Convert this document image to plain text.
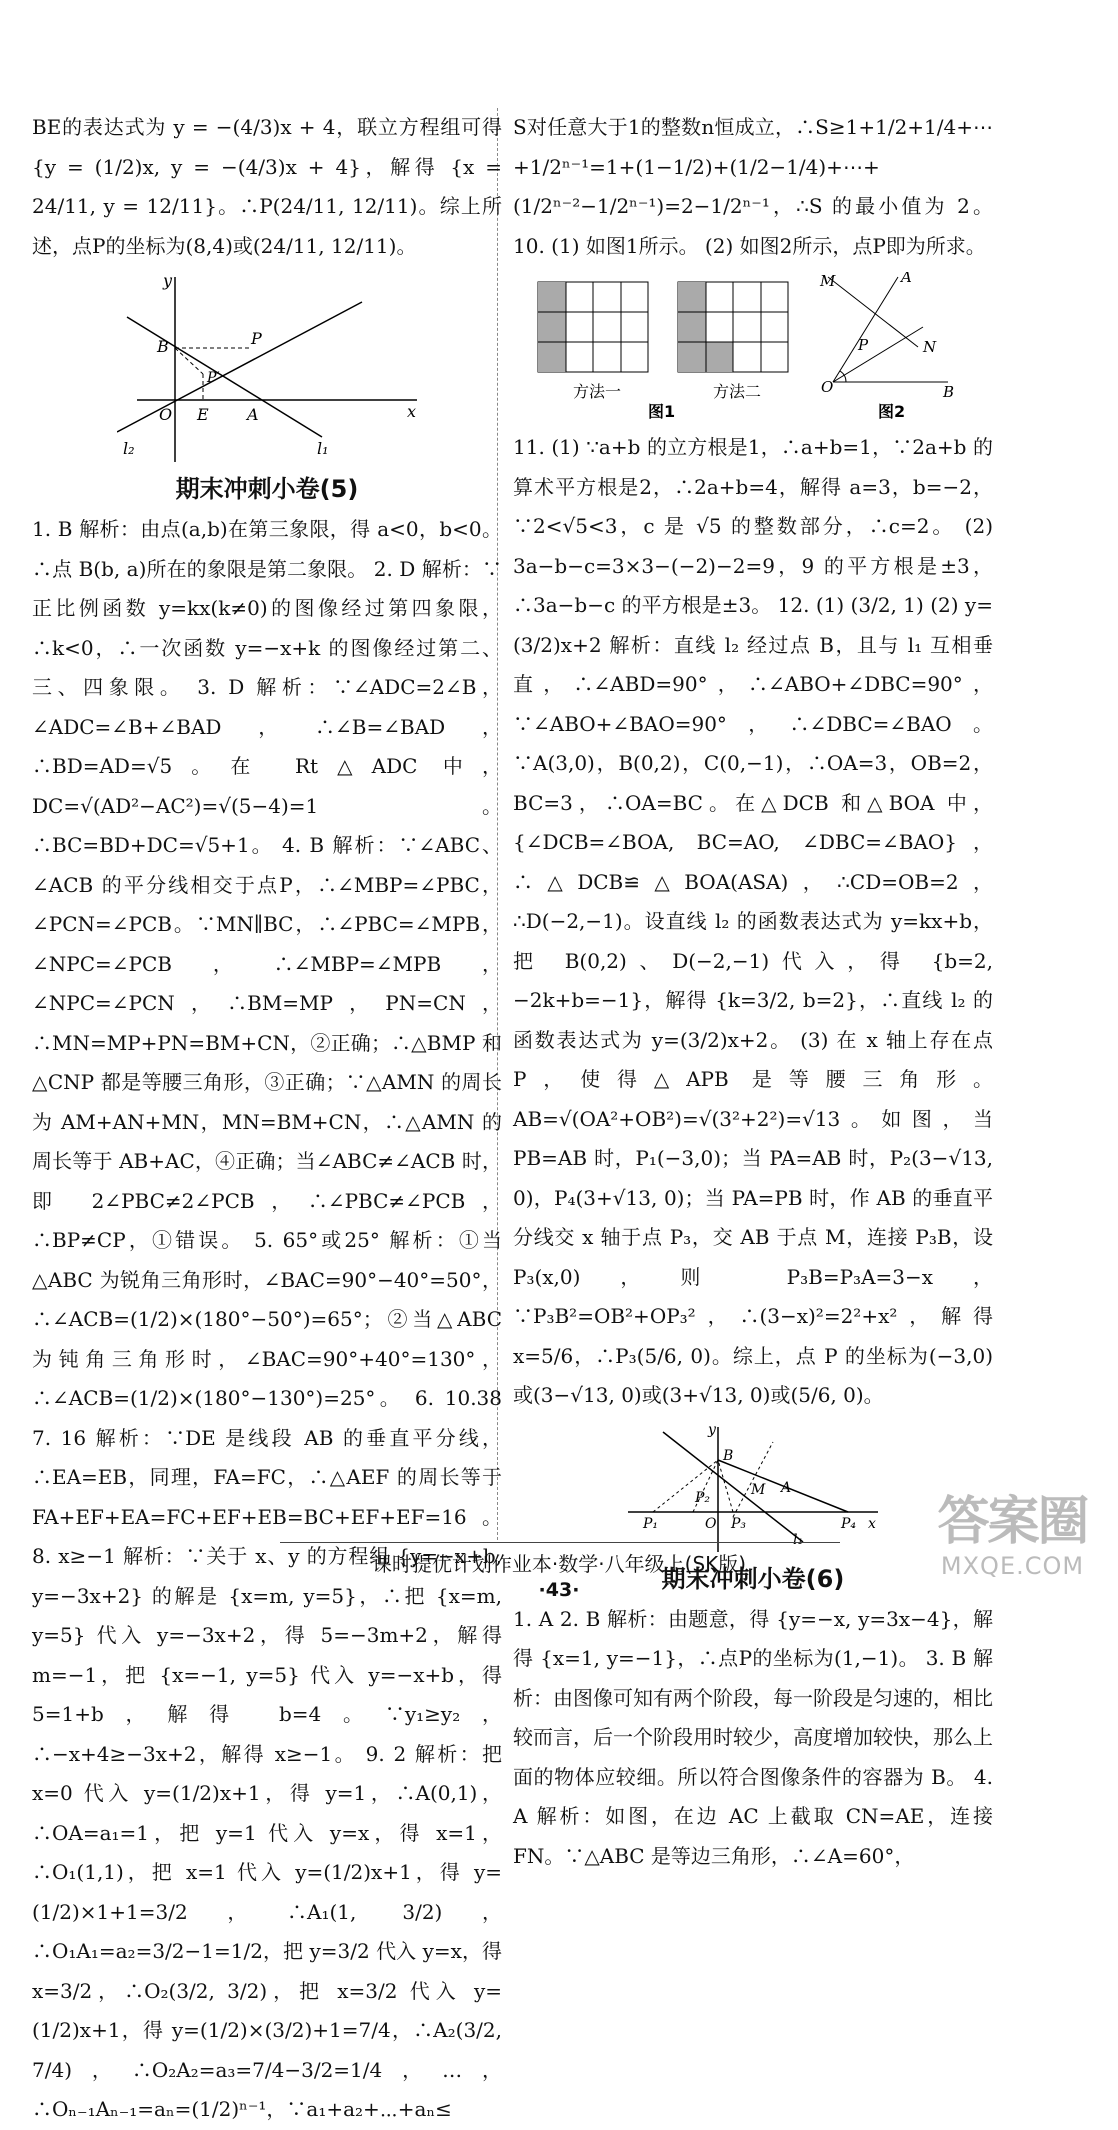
BE的表达式为 y = −(4/3)x + 4，联立方程组可得 {y = (1/2)x, y = −(4/3)x + 4}，解得 {x = 24/11, y = 12/11}。∴P(24/11, 12/11)。综上所述，点P的坐标为(8,4)或(24/11, 12/11)。

y
x
B	P
P′
O E A
l₁
l₂
期末冲刺小卷(5)

1. B 解析：由点(a,b)在第三象限，得 a<0，b<0。∴点 B(b, a)所在的象限是第二象限。 2. D 解析：∵正比例函数 y=kx(k≠0)的图像经过第四象限，∴k<0，∴一次函数 y=−x+k 的图像经过第二、三、四象限。 3. D 解析：∵∠ADC=2∠B，∠ADC=∠B+∠BAD，∴∠B=∠BAD，∴BD=AD=√5。在 Rt△ADC 中，DC=√(AD²−AC²)=√(5−4)=1。∴BC=BD+DC=√5+1。 4. B 解析：∵∠ABC、∠ACB 的平分线相交于点P，∴∠MBP=∠PBC，∠PCN=∠PCB。∵MN∥BC，∴∠PBC=∠MPB，∠NPC=∠PCB，∴∠MBP=∠MPB，∠NPC=∠PCN，∴BM=MP，PN=CN，∴MN=MP+PN=BM+CN，②正确；∴△BMP 和△CNP 都是等腰三角形，③正确；∵△AMN 的周长为 AM+AN+MN，MN=BM+CN，∴△AMN 的周长等于 AB+AC，④正确；当∠ABC≠∠ACB 时，即 2∠PBC≠2∠PCB，∴∠PBC≠∠PCB，∴BP≠CP，①错误。 5. 65°或25° 解析：①当△ABC 为锐角三角形时，∠BAC=90°−40°=50°，∴∠ACB=(1/2)×(180°−50°)=65°；②当△ABC 为钝角三角形时，∠BAC=90°+40°=130°，∴∠ACB=(1/2)×(180°−130°)=25°。 6. 10.38 7. 16 解析：∵DE 是线段 AB 的垂直平分线，∴EA=EB，同理，FA=FC，∴△AEF 的周长等于 FA+EF+EA=FC+EF+EB=BC+EF+EF=16。 8. x≥−1 解析：∵关于 x、y 的方程组 {y=−x+b, y=−3x+2} 的解是 {x=m, y=5}，∴把 {x=m, y=5} 代入 y=−3x+2，得 5=−3m+2，解得 m=−1，把 {x=−1, y=5} 代入 y=−x+b，得 5=1+b，解得 b=4。∵y₁≥y₂，∴−x+4≥−3x+2，解得 x≥−1。 9. 2 解析：把 x=0 代入 y=(1/2)x+1，得 y=1，∴A(0,1)，∴OA=a₁=1，把 y=1 代入 y=x，得 x=1，∴O₁(1,1)，把 x=1 代入 y=(1/2)x+1，得 y=(1/2)×1+1=3/2，∴A₁(1, 3/2)，∴O₁A₁=a₂=3/2−1=1/2，把 y=3/2 代入 y=x，得 x=3/2，∴O₂(3/2, 3/2)，把 x=3/2 代入 y=(1/2)x+1，得 y=(1/2)×(3/2)+1=7/4，∴A₂(3/2, 7/4)，∴O₂A₂=a₃=7/4−3/2=1/4，…，∴Oₙ₋₁Aₙ₋₁=aₙ=(1/2)ⁿ⁻¹，∵a₁+a₂+⋯+aₙ≤

S对任意大于1的整数n恒成立，∴S≥1+1/2+1/4+⋯+1/2ⁿ⁻¹=1+(1−1/2)+(1/2−1/4)+⋯+(1/2ⁿ⁻²−1/2ⁿ⁻¹)=2−1/2ⁿ⁻¹，∴S 的最小值为 2。 10. (1) 如图1所示。 (2) 如图2所示，点P即为所求。

方法一	方法二
图1	图2
M	A
N
P
O	B

11. (1) ∵a+b 的立方根是1，∴a+b=1，∵2a+b 的算术平方根是2，∴2a+b=4，解得 a=3，b=−2，∵2<√5<3，c 是 √5 的整数部分，∴c=2。 (2) 3a−b−c=3×3−(−2)−2=9，9 的平方根是±3，∴3a−b−c 的平方根是±3。 12. (1) (3/2, 1) (2) y=(3/2)x+2 解析：直线 l₂ 经过点 B，且与 l₁ 互相垂直，∴∠ABD=90°，∴∠ABO+∠DBC=90°，∵∠ABO+∠BAO=90°，∴∠DBC=∠BAO。∵A(3,0)，B(0,2)，C(0,−1)，∴OA=3，OB=2，BC=3，∴OA=BC。在△DCB 和△BOA 中，{∠DCB=∠BOA, BC=AO, ∠DBC=∠BAO}，∴△DCB≌△BOA(ASA)，∴CD=OB=2，∴D(−2,−1)。设直线 l₂ 的函数表达式为 y=kx+b，把 B(0,2)、D(−2,−1)代入，得 {b=2, −2k+b=−1}，解得 {k=3/2, b=2}，∴直线 l₂ 的函数表达式为 y=(3/2)x+2。 (3) 在 x 轴上存在点 P，使得△APB 是等腰三角形。AB=√(OA²+OB²)=√(3²+2²)=√13。如图，当 PB=AB 时，P₁(−3,0)；当 PA=AB 时，P₂(3−√13, 0)，P₄(3+√13, 0)；当 PA=PB 时，作 AB 的垂直平分线交 x 轴于点 P₃，交 AB 于点 M，连接 P₃B，设 P₃(x,0)，则 P₃B=P₃A=3−x，∵P₃B²=OB²+OP₃²，∴(3−x)²=2²+x²，解得 x=5/6，∴P₃(5/6, 0)。综上，点 P 的坐标为(−3,0)或(3−√13, 0)或(3+√13, 0)或(5/6, 0)。

y
x
B
P₁
P₂
O P₃
M A
l₁
P₄
期末冲刺小卷(6)

1. A 2. B 解析：由题意，得 {y=−x, y=3x−4}，解得 {x=1, y=−1}，∴点P的坐标为(1,−1)。 3. B 解析：由图像可知有两个阶段，每一阶段是匀速的，相比较而言，后一个阶段用时较少，高度增加较快，那么上面的物体应较细。所以符合图像条件的容器为 B。 4. A 解析：如图，在边 AC 上截取 CN=AE，连接 FN。∵△ABC 是等边三角形，∴∠A=60°，

课时提优计划作业本·数学·八年级上(SK版)
·43·
答案圈
MXQE.COM
